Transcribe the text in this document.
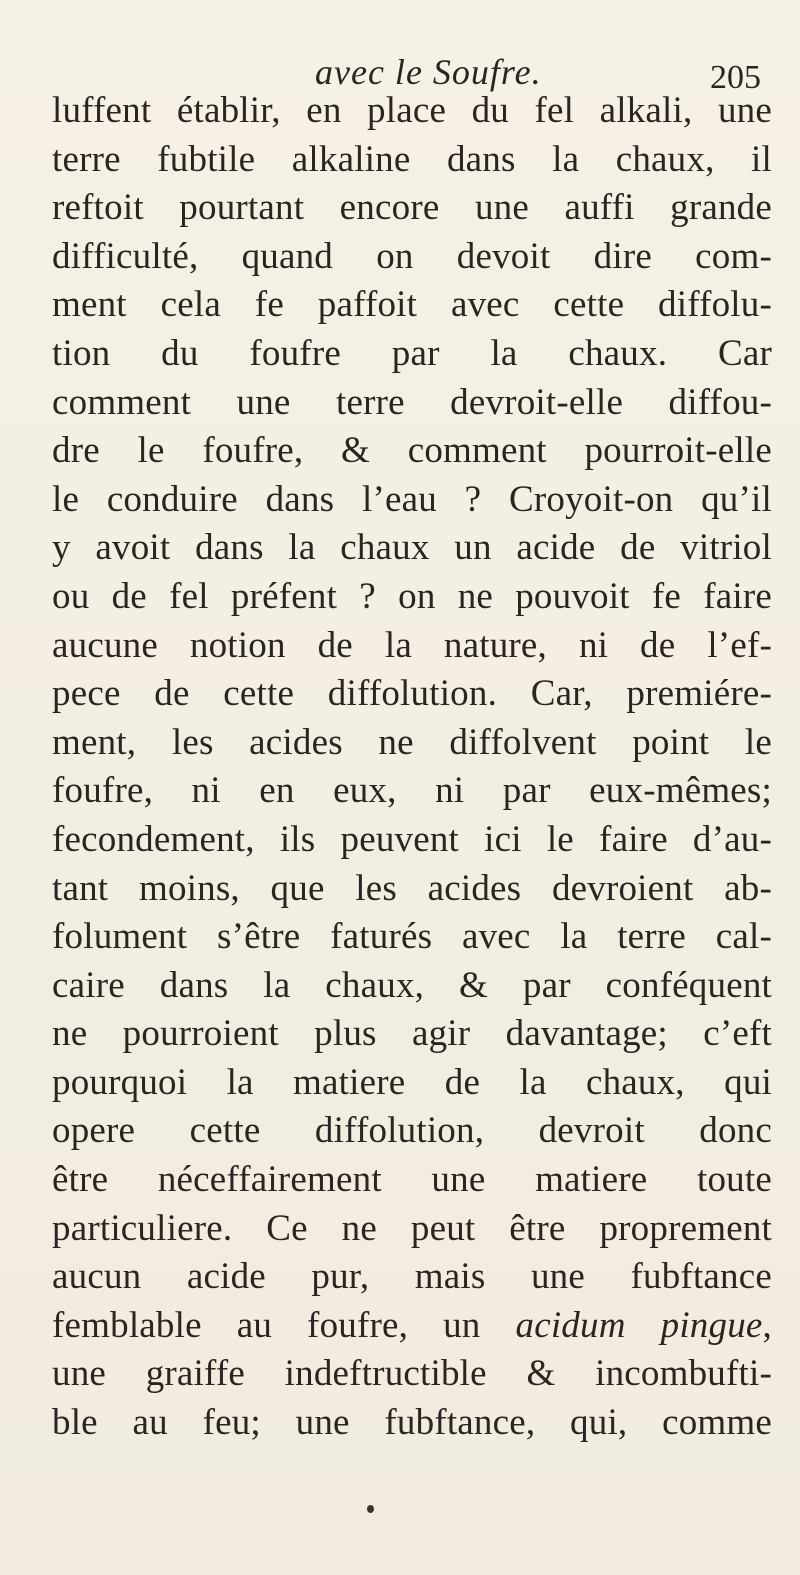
avec le Soufre.	205
luffent établir, en place du fel alkali, une
terre fubtile alkaline dans la chaux, il
reftoit pourtant encore une auffi grande
difficulté, quand on devoit dire com-
ment cela fe paffoit avec cette diffolu-
tion du foufre par la chaux. Car
comment une terre devroit-elle diffou-
dre le foufre, & comment pourroit-elle
le conduire dans l’eau ? Croyoit-on qu’il
y avoit dans la chaux un acide de vitriol
ou de fel préfent ? on ne pouvoit fe faire
aucune notion de la nature, ni de l’ef-
pece de cette diffolution. Car, premiére-
ment, les acides ne diffolvent point le
foufre, ni en eux, ni par eux-mêmes;
fecondement, ils peuvent ici le faire d’au-
tant moins, que les acides devroient ab-
folument s’être faturés avec la terre cal-
caire dans la chaux, & par conféquent
ne pourroient plus agir davantage; c’eft
pourquoi la matiere de la chaux, qui
opere cette diffolution, devroit donc
être néceffairement une matiere toute
particuliere. Ce ne peut être proprement
aucun acide pur, mais une fubftance
femblable au foufre, un acidum pingue,
une graiffe indeftructible & incombufti-
ble au feu; une fubftance, qui, comme
